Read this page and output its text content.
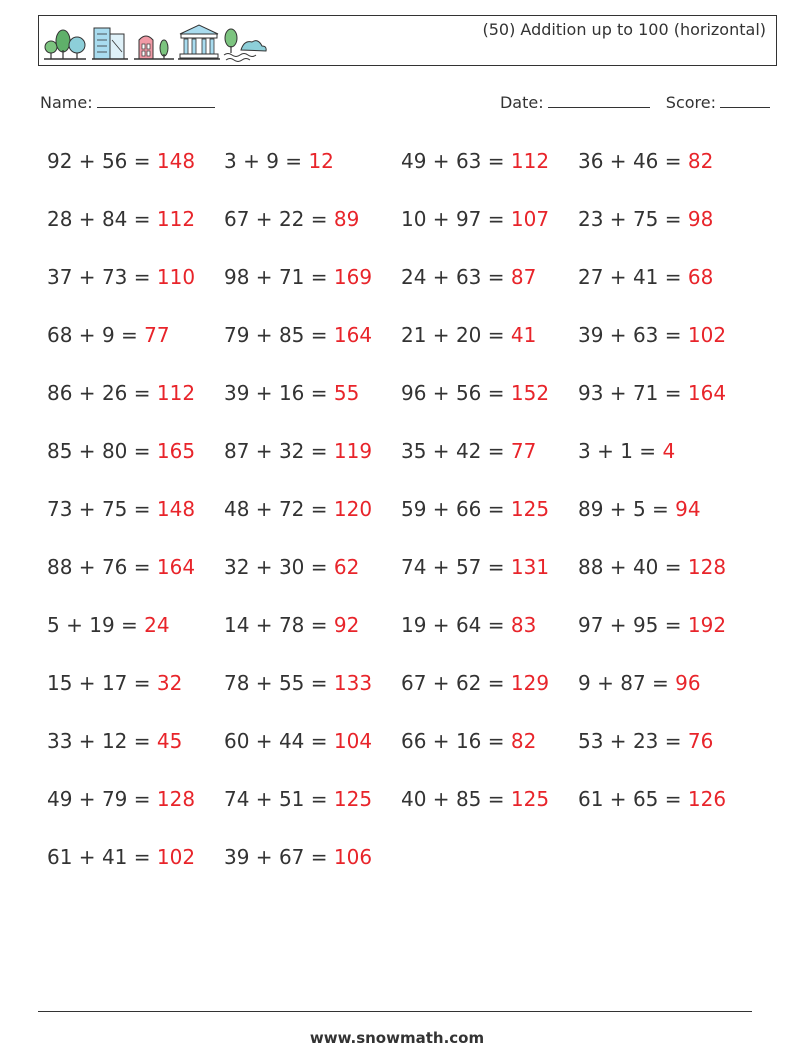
(50) Addition up to 100 (horizontal)
Name:	Date:	Score:
92 + 56 = 148	3 + 9 = 12	49 + 63 = 112	36 + 46 = 82
28 + 84 = 112	67 + 22 = 89	10 + 97 = 107	23 + 75 = 98
37 + 73 = 110	98 + 71 = 169	24 + 63 = 87	27 + 41 = 68
68 + 9 = 77	79 + 85 = 164	21 + 20 = 41	39 + 63 = 102
86 + 26 = 112	39 + 16 = 55	96 + 56 = 152	93 + 71 = 164
85 + 80 = 165	87 + 32 = 119	35 + 42 = 77	3 + 1 = 4
73 + 75 = 148	48 + 72 = 120	59 + 66 = 125	89 + 5 = 94
88 + 76 = 164	32 + 30 = 62	74 + 57 = 131	88 + 40 = 128
5 + 19 = 24	14 + 78 = 92	19 + 64 = 83	97 + 95 = 192
15 + 17 = 32	78 + 55 = 133	67 + 62 = 129	9 + 87 = 96
33 + 12 = 45	60 + 44 = 104	66 + 16 = 82	53 + 23 = 76
49 + 79 = 128	74 + 51 = 125	40 + 85 = 125	61 + 65 = 126
61 + 41 = 102	39 + 67 = 106
www.snowmath.com
